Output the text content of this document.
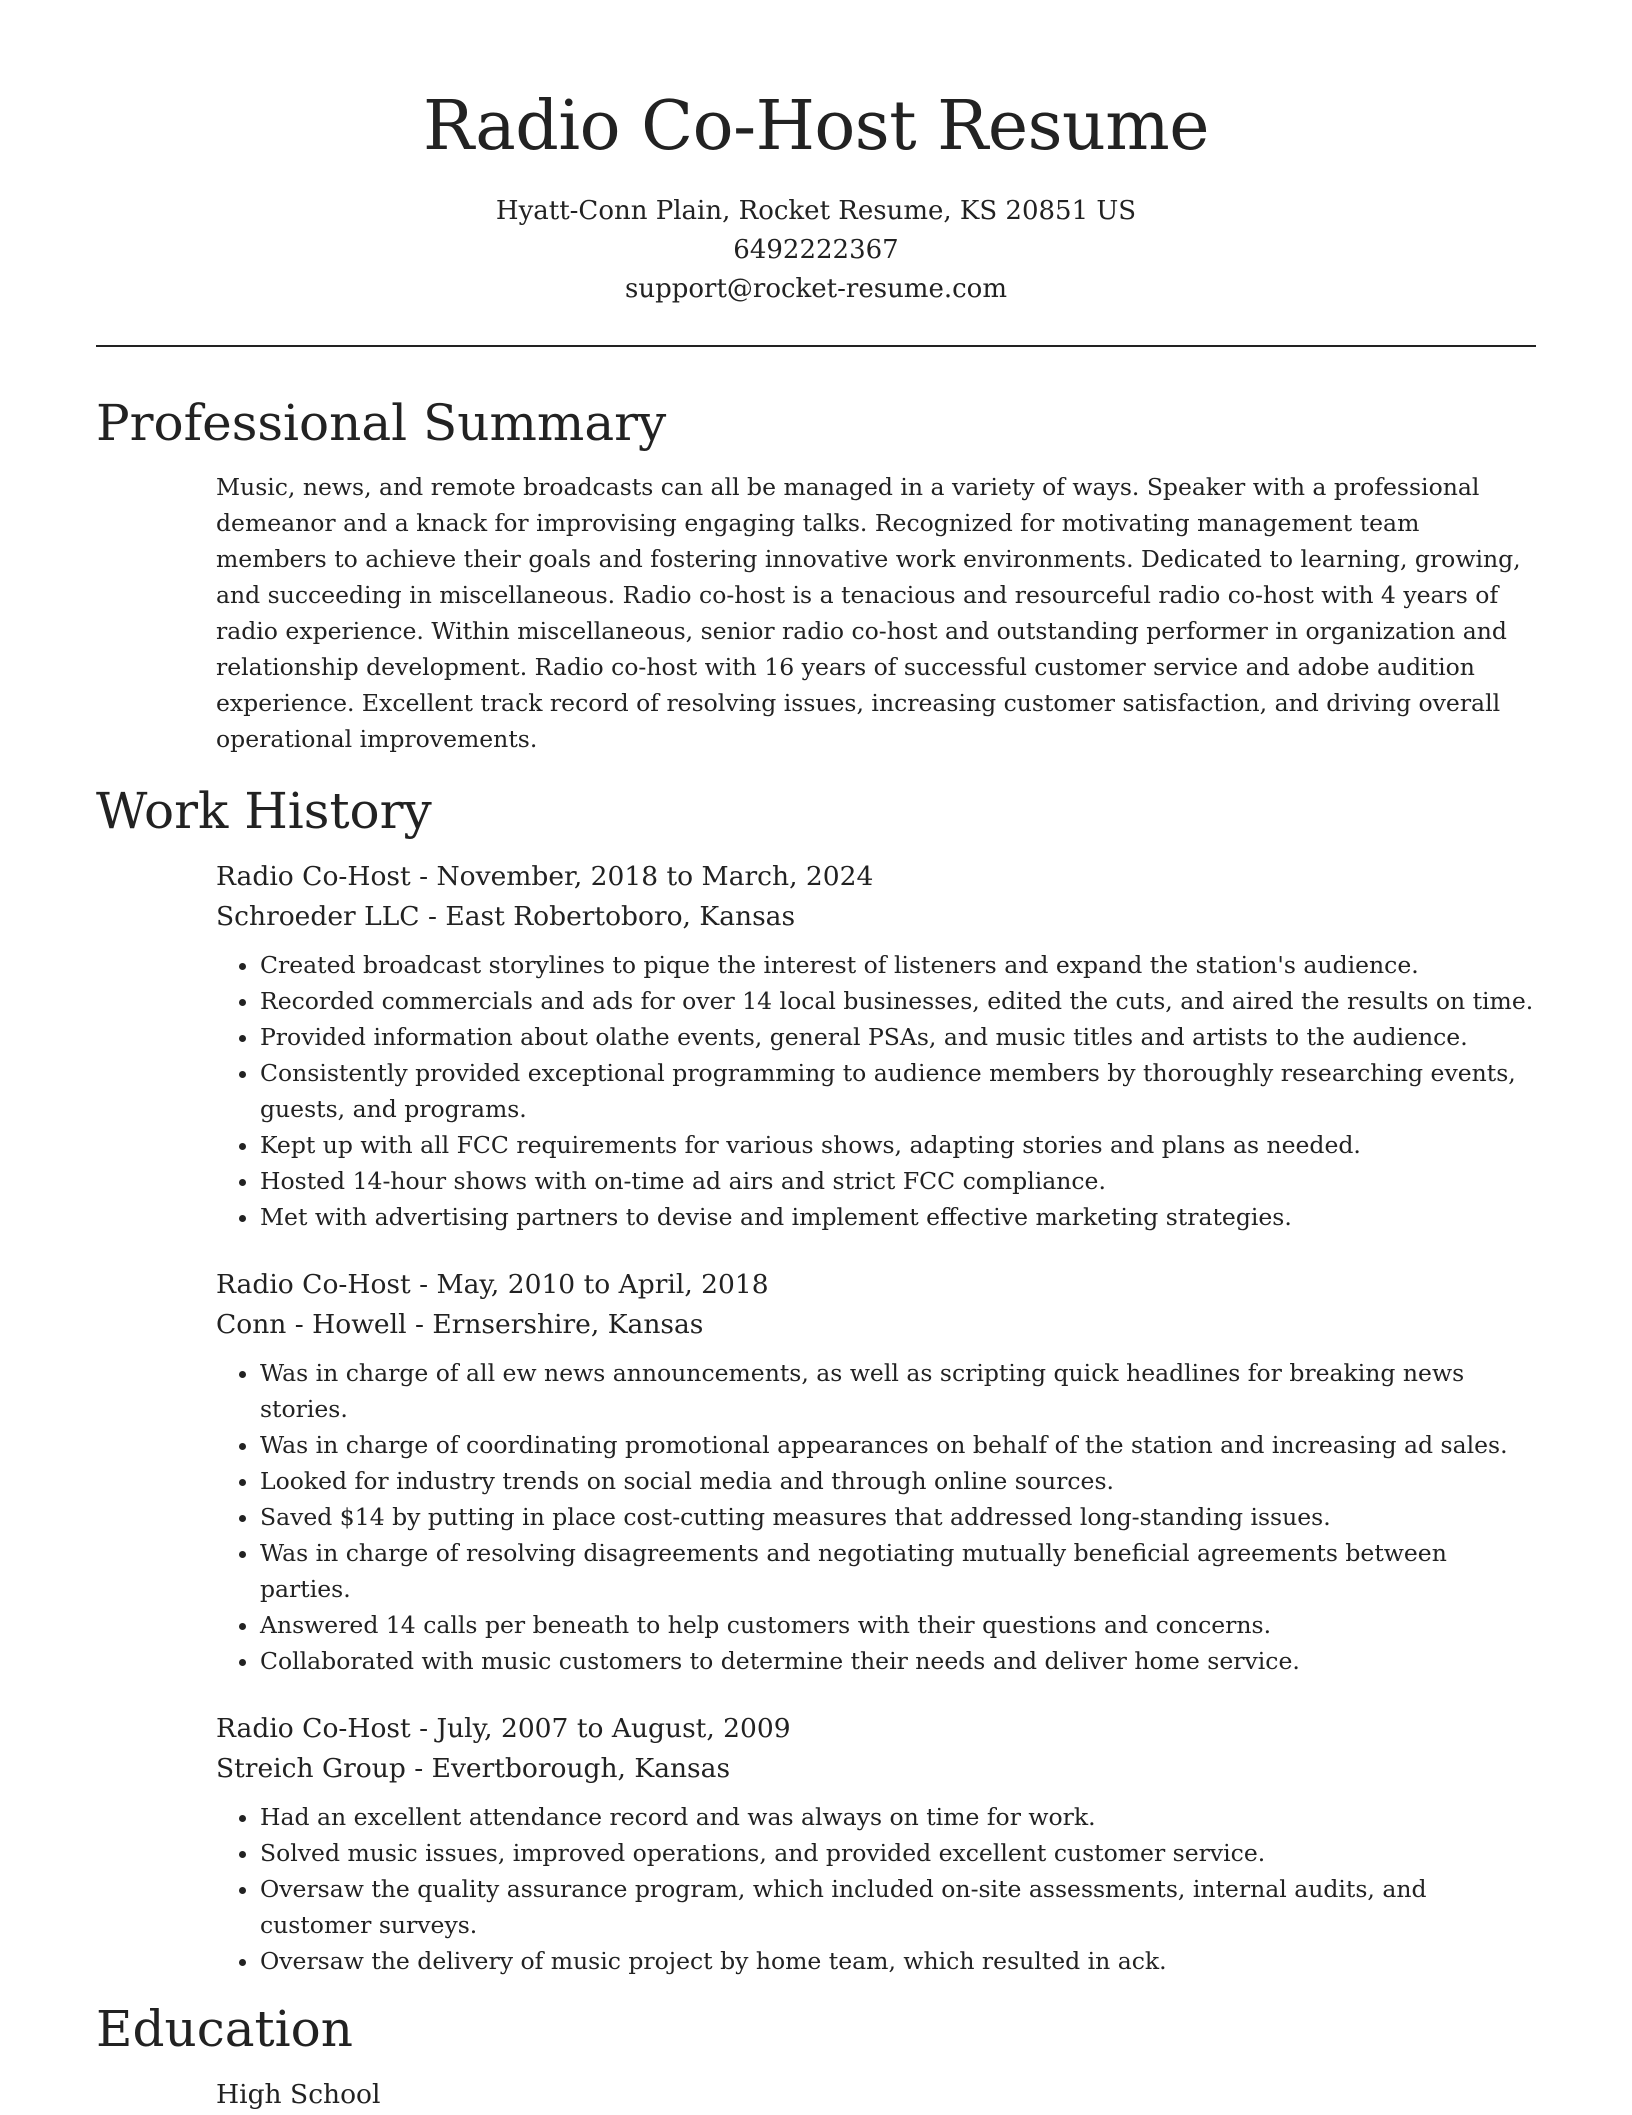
Radio Co-Host Resume
Hyatt-Conn Plain, Rocket Resume, KS 20851 US
6492222367
support@rocket-resume.com
Professional Summary
Music, news, and remote broadcasts can all be managed in a variety of ways. Speaker with a professional demeanor and a knack for improvising engaging talks. Recognized for motivating management team members to achieve their goals and fostering innovative work environments. Dedicated to learning, growing, and succeeding in miscellaneous. Radio co-host is a tenacious and resourceful radio co-host with 4 years of radio experience. Within miscellaneous, senior radio co-host and outstanding performer in organization and relationship development. Radio co-host with 16 years of successful customer service and adobe audition experience. Excellent track record of resolving issues, increasing customer satisfaction, and driving overall operational improvements.
Work History
Radio Co-Host - November, 2018 to March, 2024
Schroeder LLC - East Robertoboro, Kansas
• Created broadcast storylines to pique the interest of listeners and expand the station's audience.
• Recorded commercials and ads for over 14 local businesses, edited the cuts, and aired the results on time.
• Provided information about olathe events, general PSAs, and music titles and artists to the audience.
• Consistently provided exceptional programming to audience members by thoroughly researching events, guests, and programs.
• Kept up with all FCC requirements for various shows, adapting stories and plans as needed.
• Hosted 14-hour shows with on-time ad airs and strict FCC compliance.
• Met with advertising partners to devise and implement effective marketing strategies.
Radio Co-Host - May, 2010 to April, 2018
Conn - Howell - Ernsershire, Kansas
• Was in charge of all ew news announcements, as well as scripting quick headlines for breaking news stories.
• Was in charge of coordinating promotional appearances on behalf of the station and increasing ad sales.
• Looked for industry trends on social media and through online sources.
• Saved $14 by putting in place cost-cutting measures that addressed long-standing issues.
• Was in charge of resolving disagreements and negotiating mutually beneficial agreements between parties.
• Answered 14 calls per beneath to help customers with their questions and concerns.
• Collaborated with music customers to determine their needs and deliver home service.
Radio Co-Host - July, 2007 to August, 2009
Streich Group - Evertborough, Kansas
• Had an excellent attendance record and was always on time for work.
• Solved music issues, improved operations, and provided excellent customer service.
• Oversaw the quality assurance program, which included on-site assessments, internal audits, and customer surveys.
• Oversaw the delivery of music project by home team, which resulted in ack.
Education
High School
